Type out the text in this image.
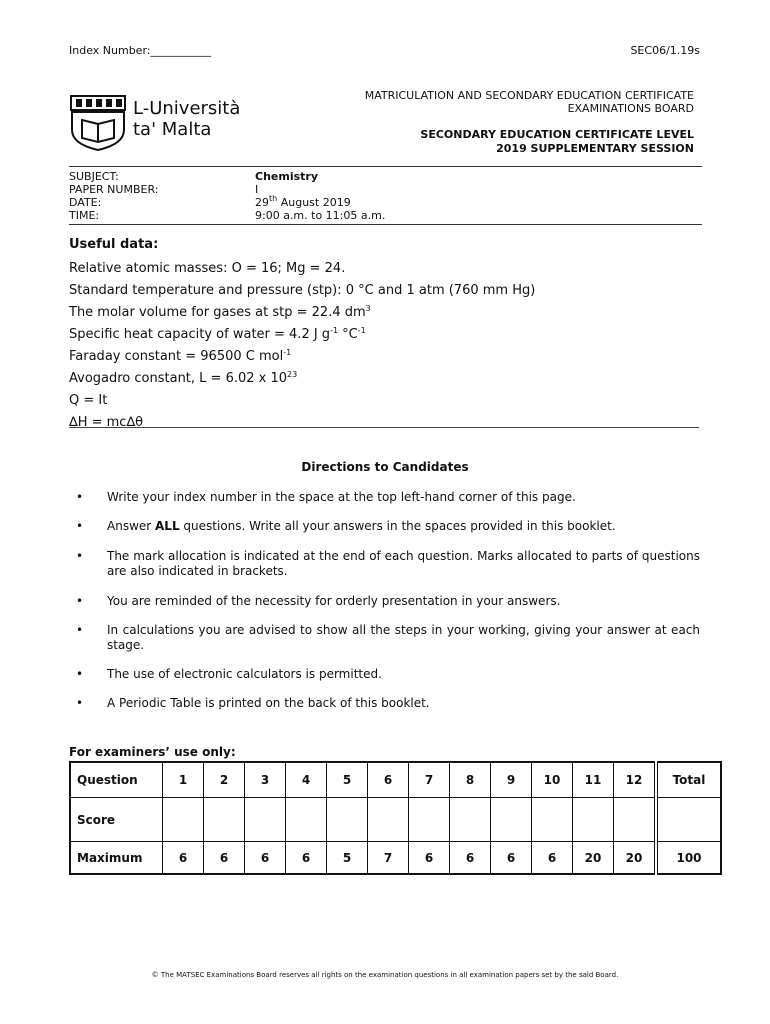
Index Number:___________	SEC06/1.19s
L-Università
ta' Malta
MATRICULATION AND SECONDARY EDUCATION CERTIFICATE
EXAMINATIONS BOARD
SECONDARY EDUCATION CERTIFICATE LEVEL
2019 SUPPLEMENTARY SESSION
SUBJECT:	Chemistry
PAPER NUMBER:	I
DATE:	29th August 2019
TIME:	9:00 a.m. to 11:05 a.m.
Useful data:
Relative atomic masses: O = 16; Mg = 24.
Standard temperature and pressure (stp): 0 °C and 1 atm (760 mm Hg)
The molar volume for gases at stp = 22.4 $dm^3$
Specific heat capacity of water = 4.2 J $g^{-1}$ $^\circ C^{-1}$
Faraday constant = 96500 C mol$^{-1}$
Avogadro constant, L = 6.02 x $10^{23}$
Q = It
∆H = mc∆θ
Directions to Candidates
• Write your index number in the space at the top left-hand corner of this page.
• Answer ALL questions. Write all your answers in the spaces provided in this booklet.
• The mark allocation is indicated at the end of each question. Marks allocated to parts of questions are also indicated in brackets.
• You are reminded of the necessity for orderly presentation in your answers.
• In calculations you are advised to show all the steps in your working, giving your answer at each stage.
• The use of electronic calculators is permitted.
• A Periodic Table is printed on the back of this booklet.
For examiners’ use only:
Question	1	2	3	4	5	6	7	8	9	10	11	12	Total
Score													
Maximum	6	6	6	6	5	7	6	6	6	6	20	20	100
© The MATSEC Examinations Board reserves all rights on the examination questions in all examination papers set by the said Board.
